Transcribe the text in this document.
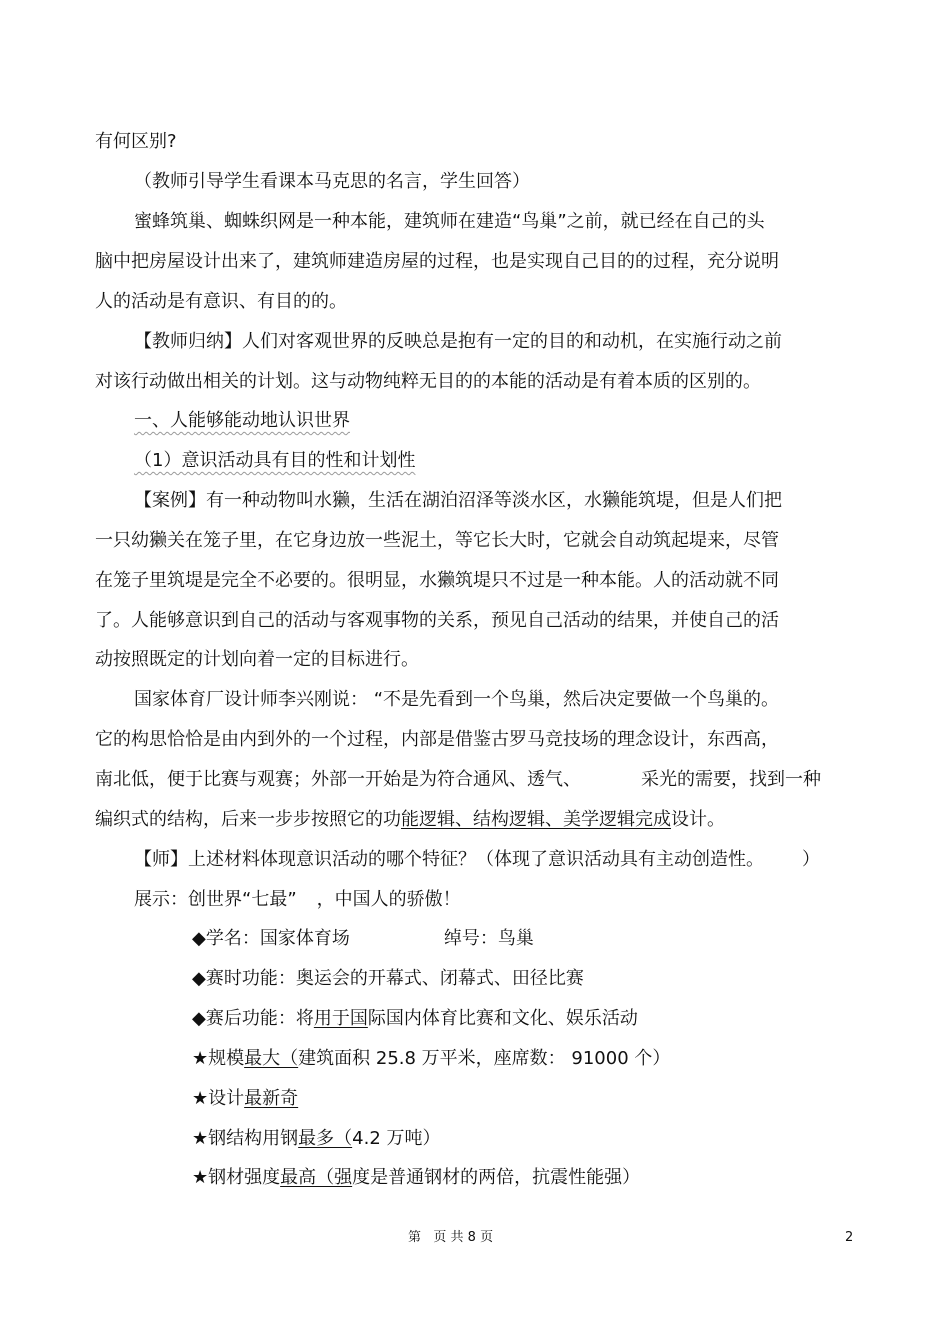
有何区别?
（教师引导学生看课本马克思的名言，学生回答）
蜜蜂筑巢、蜘蛛织网是一种本能，建筑师在建造“鸟巢”之前，就已经在自己的头
脑中把房屋设计出来了，建筑师建造房屋的过程，也是实现自己目的的过程，充分说明
人的活动是有意识、有目的的。
【教师归纳】人们对客观世界的反映总是抱有一定的目的和动机，在实施行动之前
对该行动做出相关的计划。这与动物纯粹无目的的本能的活动是有着本质的区别的。
一、人能够能动地认识世界
（1）意识活动具有目的性和计划性
【案例】有一种动物叫水獭，生活在湖泊沼泽等淡水区，水獭能筑堤，但是人们把
一只幼獭关在笼子里，在它身边放一些泥土，等它长大时，它就会自动筑起堤来，尽管
在笼子里筑堤是完全不必要的。很明显，水獭筑堤只不过是一种本能。人的活动就不同
了。人能够意识到自己的活动与客观事物的关系，预见自己活动的结果，并使自己的活
动按照既定的计划向着一定的目标进行。
国家体育厂设计师李兴刚说： “不是先看到一个鸟巢，然后决定要做一个鸟巢的。
它的构思恰恰是由内到外的一个过程，内部是借鉴古罗马竞技场的理念设计，东西高，
南北低，便于比赛与观赛；外部一开始是为符合通风、透气、	采光的需要，找到一种
编织式的结构，后来一步步按照它的功能逻辑、结构逻辑、美学逻辑完成设计。
【师】上述材料体现意识活动的哪个特征？（体现了意识活动具有主动创造性。 ）
展示：创世界“七最” ，中国人的骄傲！
◆学名：国家体育场	绰号：鸟巢
◆赛时功能：奥运会的开幕式、闭幕式、田径比赛
◆赛后功能：将用于国际国内体育比赛和文化、娱乐活动
★规模最大（建筑面积 25.8 万平米，座席数： 91000 个）
★设计最新奇
★钢结构用钢最多（4.2 万吨）
★钢材强度最高（强度是普通钢材的两倍，抗震性能强）
第   页 共 8 页	2
